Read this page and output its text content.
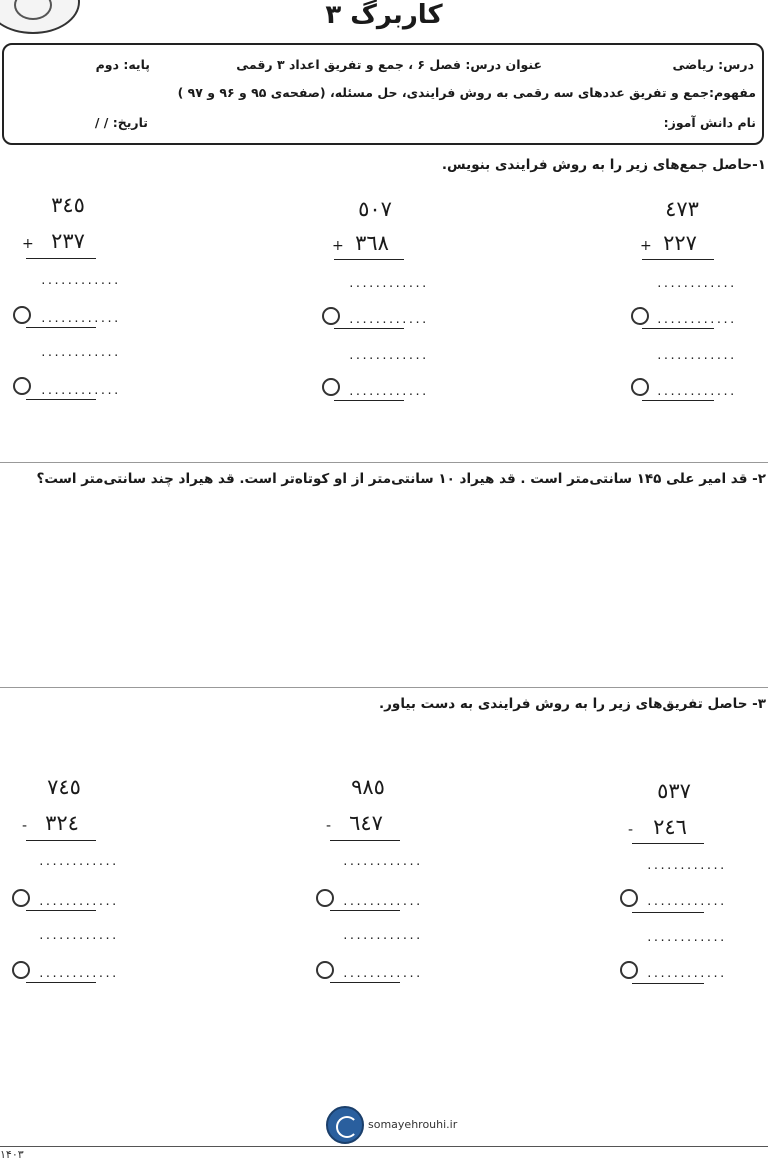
کاربرگ ۳
درس: ریاضی
عنوان درس: فصل ۶ ، جمع و تفریق اعداد ۳ رقمی
پایه: دوم
مفهوم:جمع و تفریق عددهای سه رقمی به روش فرایندی، حل مسئله، (صفحه‌ی ۹۵ و ۹۶ و ۹۷ )
نام دانش آموز:
تاریخ: / /
۱-حاصل جمع‌های زیر را به روش فرایندی بنویس.
۳٤٥
+ ۲۳۷
............
............
............
............
٥٠۷
+ ۳٦۸
............
............
............
............
٤۷۳
+ ۲۲۷
............
............
............
............
۲- قد امیر علی ۱۴۵ سانتی‌متر است . قد هیراد ۱۰ سانتی‌متر از او کوتاه‌تر است. قد هیراد چند سانتی‌متر است؟
۳- حاصل تفریق‌های زیر را به روش فرایندی به دست بیاور.
۷٤٥
- ۳۲٤
............
............
............
............
۹۸٥
- ٦٤۷
............
............
............
............
٥۳۷
- ۲٤٦
............
............
............
............
somayehrouhi.ir
۱۴۰۳
